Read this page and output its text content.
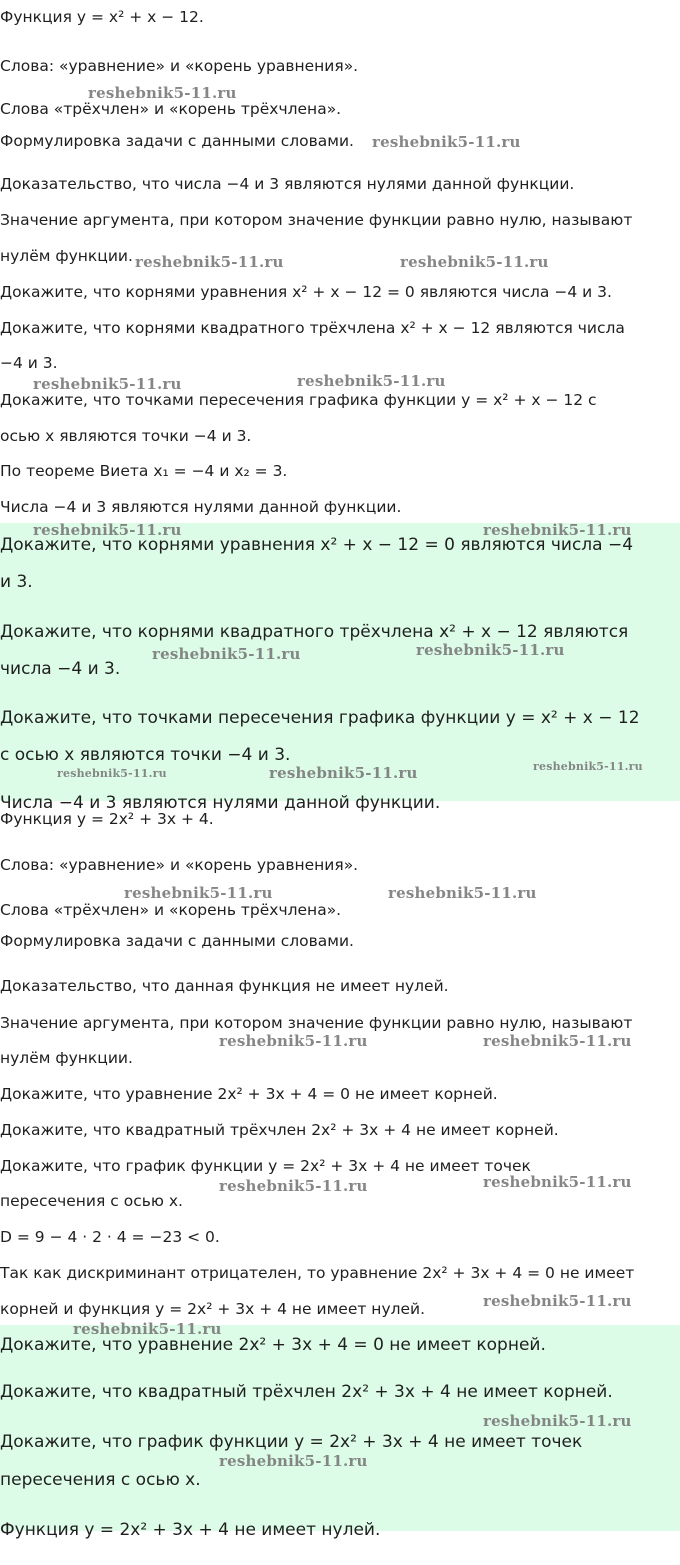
Функция y = x² + x − 12.
Слова: «уравнение» и «корень уравнения».
Слова «трёхчлен» и «корень трёхчлена».
Формулировка задачи с данными словами.
Доказательство, что числа −4 и 3 являются нулями данной функции.
Значение аргумента, при котором значение функции равно нулю, называют
нулём функции.
Докажите, что корнями уравнения x² + x − 12 = 0 являются числа −4 и 3.
Докажите, что корнями квадратного трёхчлена x² + x − 12 являются числа
−4 и 3.
Докажите, что точками пересечения графика функции y = x² + x − 12 с
осью x являются точки −4 и 3.
По теореме Виета x₁ = −4 и x₂ = 3.
Числа −4 и 3 являются нулями данной функции.
Докажите, что корнями уравнения x² + x − 12 = 0 являются числа −4
и 3.
Докажите, что корнями квадратного трёхчлена x² + x − 12 являются
числа −4 и 3.
Докажите, что точками пересечения графика функции y = x² + x − 12
с осью x являются точки −4 и 3.
Числа −4 и 3 являются нулями данной функции.
Функция y = 2x² + 3x + 4.
Слова: «уравнение» и «корень уравнения».
Слова «трёхчлен» и «корень трёхчлена».
Формулировка задачи с данными словами.
Доказательство, что данная функция не имеет нулей.
Значение аргумента, при котором значение функции равно нулю, называют
нулём функции.
Докажите, что уравнение 2x² + 3x + 4 = 0 не имеет корней.
Докажите, что квадратный трёхчлен 2x² + 3x + 4 не имеет корней.
Докажите, что график функции y = 2x² + 3x + 4 не имеет точек
пересечения с осью x.
D = 9 − 4 · 2 · 4 = −23 < 0.
Так как дискриминант отрицателен, то уравнение 2x² + 3x + 4 = 0 не имеет
корней и функция y = 2x² + 3x + 4 не имеет нулей.
Докажите, что уравнение 2x² + 3x + 4 = 0 не имеет корней.
Докажите, что квадратный трёхчлен 2x² + 3x + 4 не имеет корней.
Докажите, что график функции y = 2x² + 3x + 4 не имеет точек
пересечения с осью x.
Функция y = 2x² + 3x + 4 не имеет нулей.
reshebnik5-11.ru
reshebnik5-11.ru
reshebnik5-11.ru	reshebnik5-11.ru
reshebnik5-11.ru	reshebnik5-11.ru
reshebnik5-11.ru	reshebnik5-11.ru
reshebnik5-11.ru	reshebnik5-11.ru
reshebnik5-11.ru	reshebnik5-11.ru	reshebnik5-11.ru
reshebnik5-11.ru	reshebnik5-11.ru
reshebnik5-11.ru	reshebnik5-11.ru
reshebnik5-11.ru	reshebnik5-11.ru
reshebnik5-11.ru
reshebnik5-11.ru
reshebnik5-11.ru
reshebnik5-11.ru
